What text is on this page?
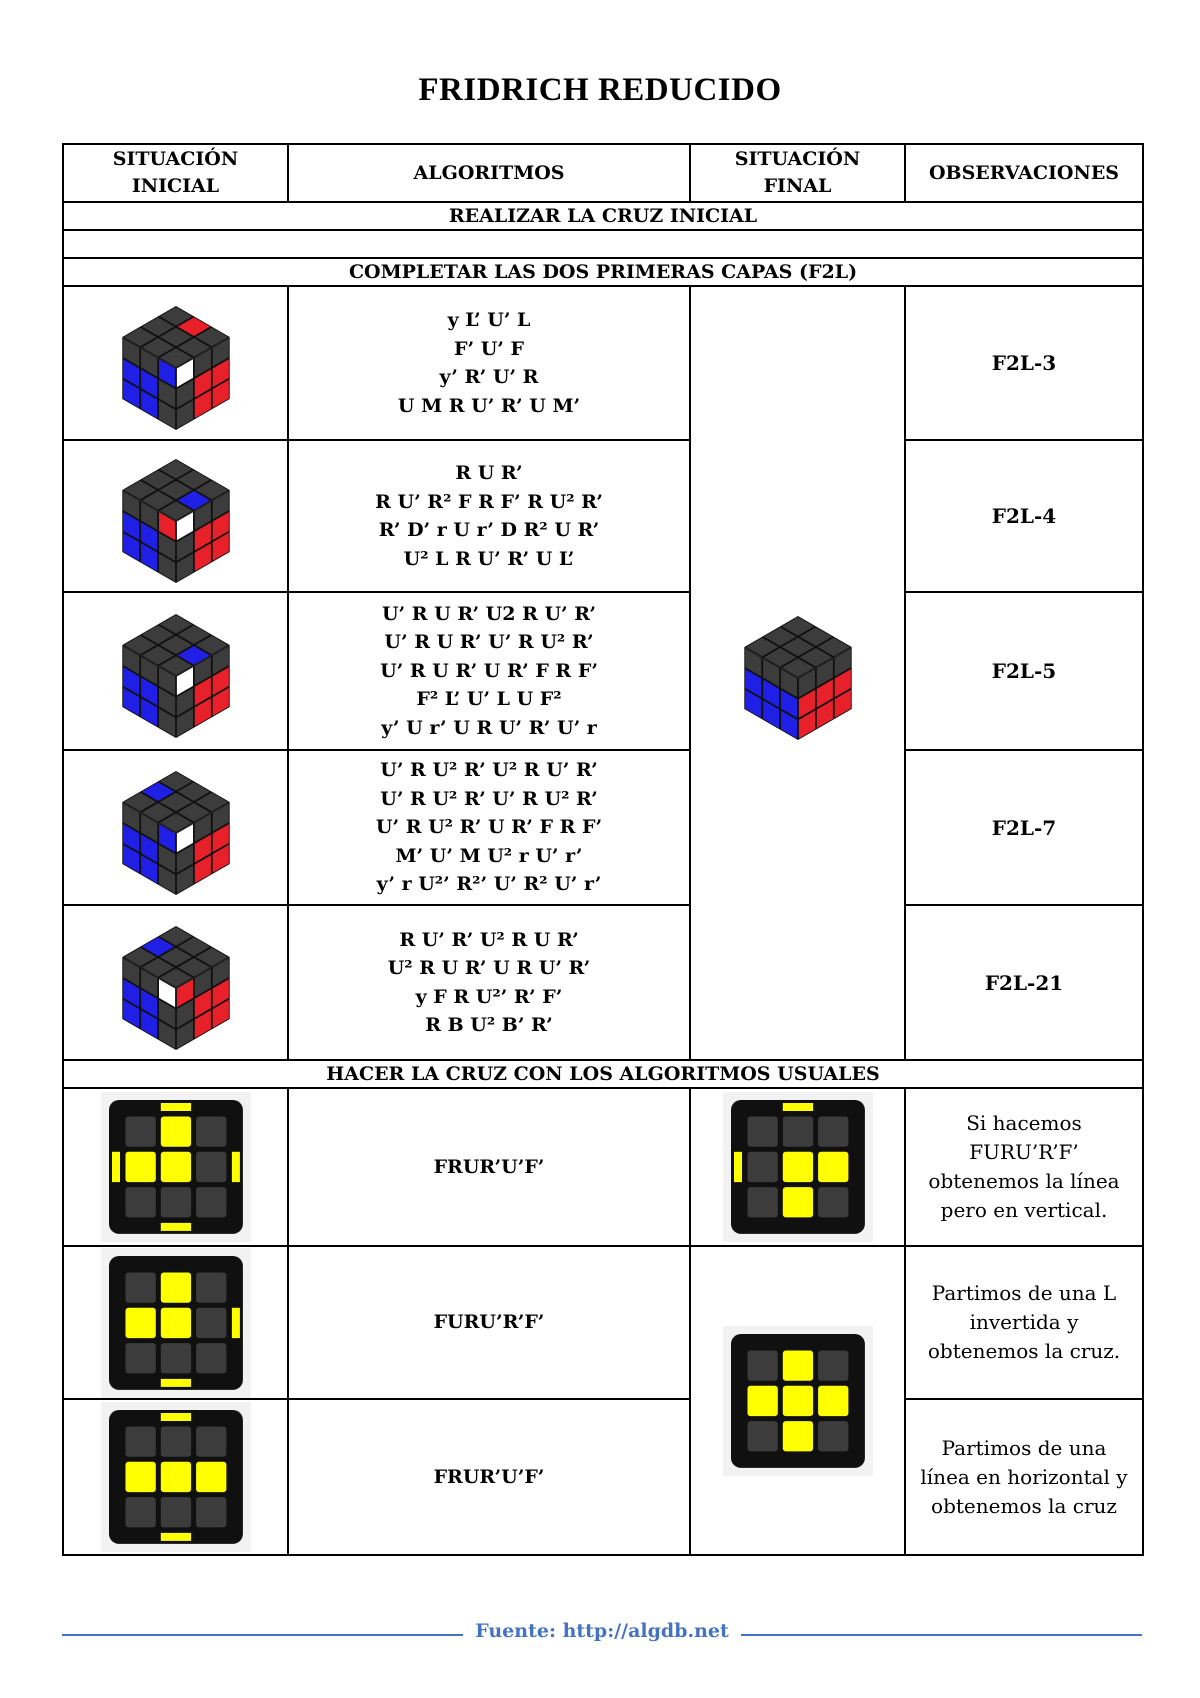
FRIDRICH REDUCIDO
SITUACIÓN INICIAL	ALGORITMOS	SITUACIÓN FINAL	OBSERVACIONES
REALIZAR LA CRUZ INICIAL			

COMPLETAR LAS DOS PRIMERAS CAPAS (F2L)			

y L’ U’ L
F’ U’ F
y’ R’ U’ R
U M R U’ R’ U M’		F2L-3

R U R’
R U’ R² F R F’ R U² R’
R’ D’ r U r’ D R² U R’
U² L R U’ R’ U L’		F2L-4

U’ R U R’ U2 R U’ R’
U’ R U R’ U’ R U² R’
U’ R U R’ U R’ F R F’
F² L’ U’ L U F²
y’ U r’ U R U’ R’ U’ r		F2L-5

U’ R U² R’ U² R U’ R’
U’ R U² R’ U’ R U² R’
U’ R U² R’ U R’ F R F’
M’ U’ M U² r U’ r’
y’ r U²’ R²’ U’ R² U’ r’		F2L-7

R U’ R’ U² R U R’
U² R U R’ U R U’ R’
y F R U²’ R’ F’
R B U² B’ R’		F2L-21
HACER LA CRUZ CON LOS ALGORITMOS USUALES			

	FRUR’U’F’		Si hacemos
FURU’R’F’
obtenemos la línea
pero en vertical.

	FURU’R’F’		Partimos de una L
invertida y
obtenemos la cruz.

	FRUR’U’F’		Partimos de una
línea en horizontal y
obtenemos la cruz
Fuente: http://algdb.net
